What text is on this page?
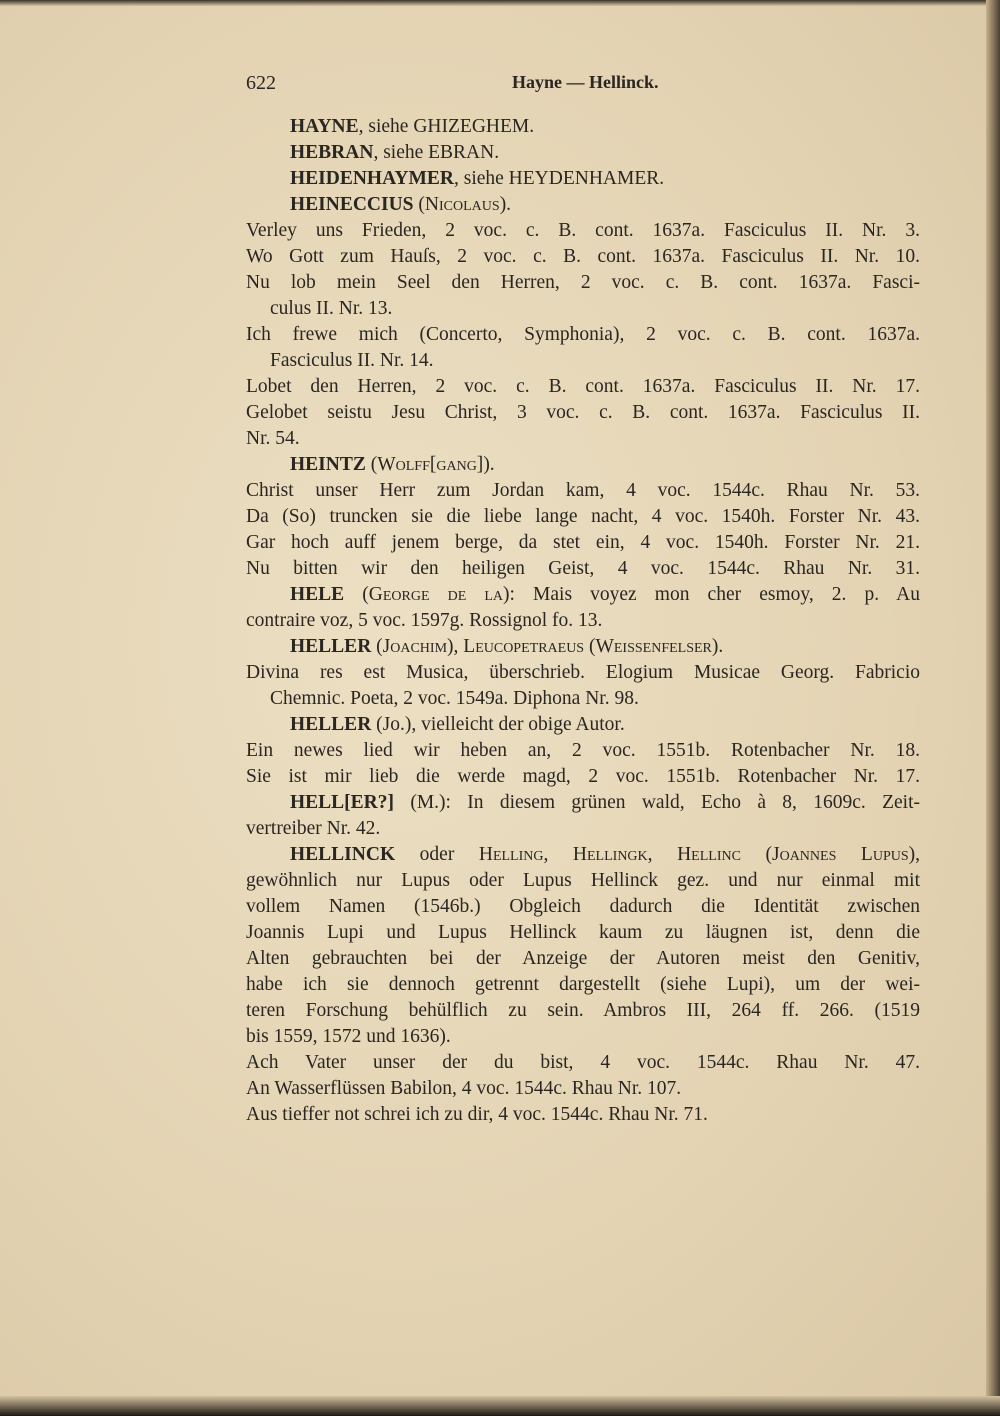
622	Hayne — Hellinck.
HAYNE, siehe GHIZEGHEM.
HEBRAN, siehe EBRAN.
HEIDENHAYMER, siehe HEYDENHAMER.
HEINECCIUS (Nicolaus).
Verley uns Frieden, 2 voc. c. B. cont. 1637a. Fasciculus II. Nr. 3.
Wo Gott zum Hauſs, 2 voc. c. B. cont. 1637a. Fasciculus II. Nr. 10.
Nu lob mein Seel den Herren, 2 voc. c. B. cont. 1637a. Fasci-
culus II. Nr. 13.
Ich frewe mich (Concerto, Symphonia), 2 voc. c. B. cont. 1637a.
Fasciculus II. Nr. 14.
Lobet den Herren, 2 voc. c. B. cont. 1637a. Fasciculus II. Nr. 17.
Gelobet seistu Jesu Christ, 3 voc. c. B. cont. 1637a. Fasciculus II.
Nr. 54.
HEINTZ (Wolff[gang]).
Christ unser Herr zum Jordan kam, 4 voc. 1544c. Rhau Nr. 53.
Da (So) truncken sie die liebe lange nacht, 4 voc. 1540h. Forster Nr. 43.
Gar hoch auff jenem berge, da stet ein, 4 voc. 1540h. Forster Nr. 21.
Nu bitten wir den heiligen Geist, 4 voc. 1544c. Rhau Nr. 31.
HELE (George de la): Mais voyez mon cher esmoy, 2. p. Au
contraire voz, 5 voc. 1597g. Rossignol fo. 13.
HELLER (Joachim), Leucopetraeus (Weissenfelser).
Divina res est Musica, überschrieb. Elogium Musicae Georg. Fabricio
Chemnic. Poeta, 2 voc. 1549a. Diphona Nr. 98.
HELLER (Jo.), vielleicht der obige Autor.
Ein newes lied wir heben an, 2 voc. 1551b. Rotenbacher Nr. 18.
Sie ist mir lieb die werde magd, 2 voc. 1551b. Rotenbacher Nr. 17.
HELL[ER?] (M.): In diesem grünen wald, Echo à 8, 1609c. Zeit-
vertreiber Nr. 42.
HELLINCK oder Helling, Hellingk, Hellinc (Joannes Lupus),
gewöhnlich nur Lupus oder Lupus Hellinck gez. und nur einmal mit
vollem Namen (1546b.) Obgleich dadurch die Identität zwischen
Joannis Lupi und Lupus Hellinck kaum zu läugnen ist, denn die
Alten gebrauchten bei der Anzeige der Autoren meist den Genitiv,
habe ich sie dennoch getrennt dargestellt (siehe Lupi), um der wei-
teren Forschung behülflich zu sein. Ambros III, 264 ff. 266. (1519
bis 1559, 1572 und 1636).
Ach Vater unser der du bist, 4 voc. 1544c. Rhau Nr. 47.
An Wasserflüssen Babilon, 4 voc. 1544c. Rhau Nr. 107.
Aus tieffer not schrei ich zu dir, 4 voc. 1544c. Rhau Nr. 71.
